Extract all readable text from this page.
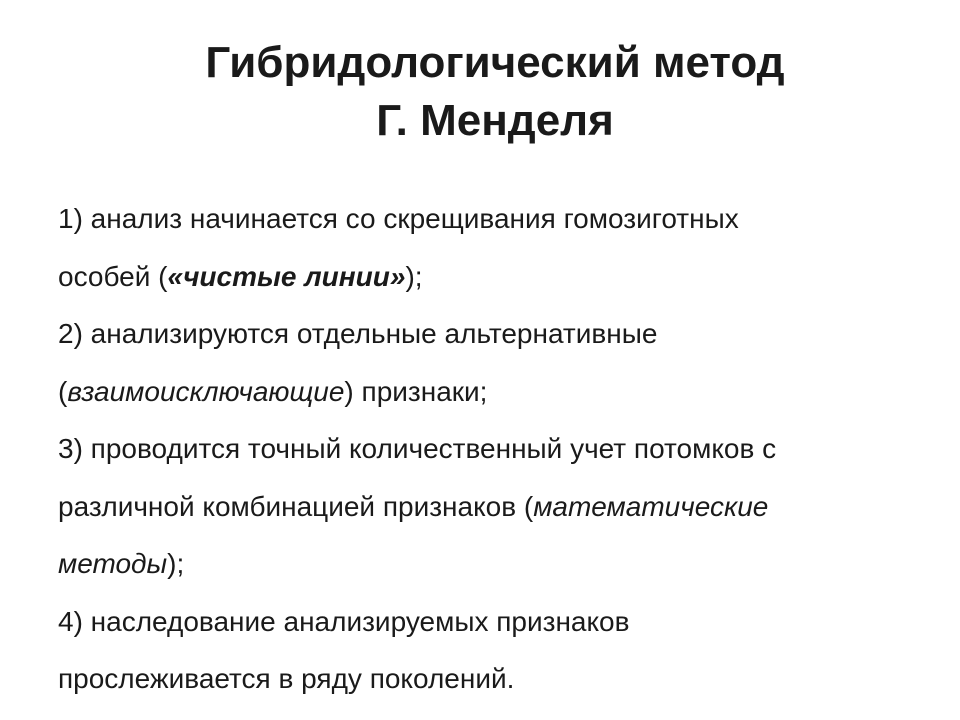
Гибридологический метод
Г. Менделя

1) анализ начинается со скрещивания гомозиготных

особей («чистые линии»);

2) анализируются отдельные альтернативные

(взаимоисключающие) признаки;

3) проводится точный количественный учет потомков с

различной комбинацией признаков (математические

методы);

4) наследование анализируемых признаков

прослеживается в ряду поколений.
